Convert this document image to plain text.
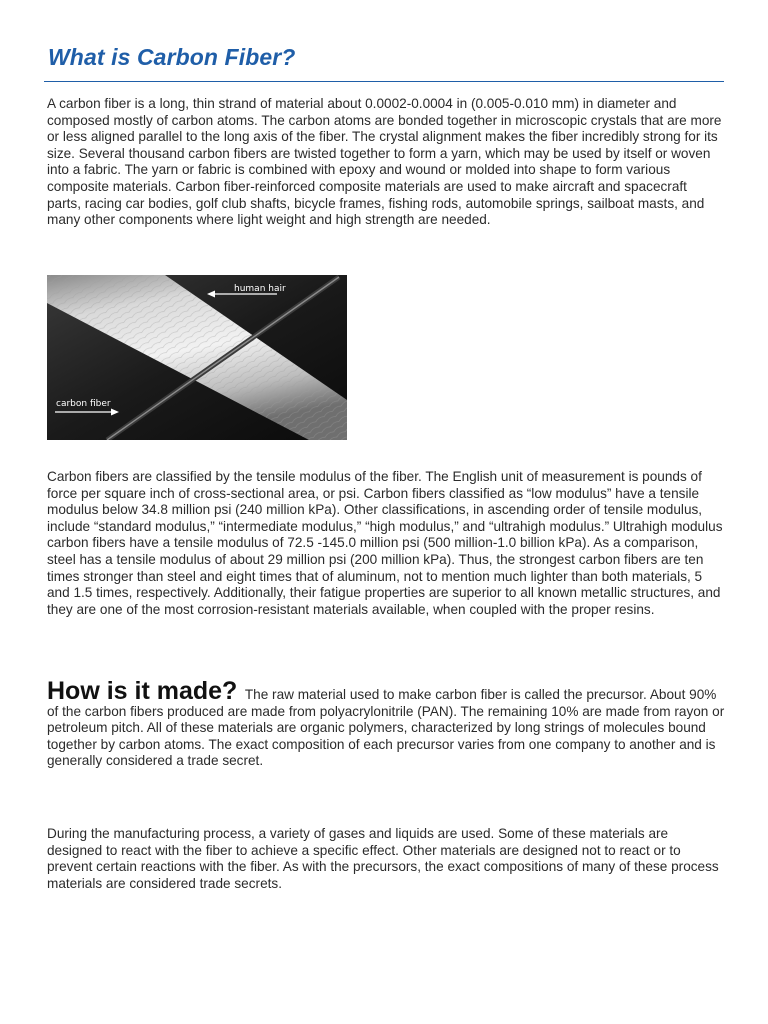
What is Carbon Fiber?

A carbon fiber is a long, thin strand of material about 0.0002-0.0004 in (0.005-0.010 mm) in diameter and composed mostly of carbon atoms. The carbon atoms are bonded together in microscopic crystals that are more or less aligned parallel to the long axis of the fiber. The crystal alignment makes the fiber incredibly strong for its size. Several thousand carbon fibers are twisted together to form a yarn, which may be used by itself or woven into a fabric. The yarn or fabric is combined with epoxy and wound or molded into shape to form various composite materials. Carbon fiber-reinforced composite materials are used to make aircraft and spacecraft parts, racing car bodies, golf club shafts, bicycle frames, fishing rods, automobile springs, sailboat masts, and many other components where light weight and high strength are needed.

human hair
carbon fiber

Carbon fibers are classified by the tensile modulus of the fiber. The English unit of measurement is pounds of force per square inch of cross-sectional area, or psi. Carbon fibers classified as “low modulus” have a tensile modulus below 34.8 million psi (240 million kPa). Other classifications, in ascending order of tensile modulus, include “standard modulus,” “intermediate modulus,” “high modulus,” and “ultrahigh modulus.” Ultrahigh modulus carbon fibers have a tensile modulus of 72.5 -145.0 million psi (500 million-1.0 billion kPa). As a comparison, steel has a tensile modulus of about 29 million psi (200 million kPa). Thus, the strongest carbon fibers are ten times stronger than steel and eight times that of aluminum, not to mention much lighter than both materials, 5 and 1.5 times, respectively. Additionally, their fatigue properties are superior to all known metallic structures, and they are one of the most corrosion-resistant materials available, when coupled with the proper resins.

How is it made? The raw material used to make carbon fiber is called the precursor. About 90% of the carbon fibers produced are made from polyacrylonitrile (PAN). The remaining 10% are made from rayon or petroleum pitch. All of these materials are organic polymers, characterized by long strings of molecules bound together by carbon atoms. The exact composition of each precursor varies from one company to another and is generally considered a trade secret.

During the manufacturing process, a variety of gases and liquids are used. Some of these materials are designed to react with the fiber to achieve a specific effect. Other materials are designed not to react or to prevent certain reactions with the fiber. As with the precursors, the exact compositions of many of these process materials are considered trade secrets.
